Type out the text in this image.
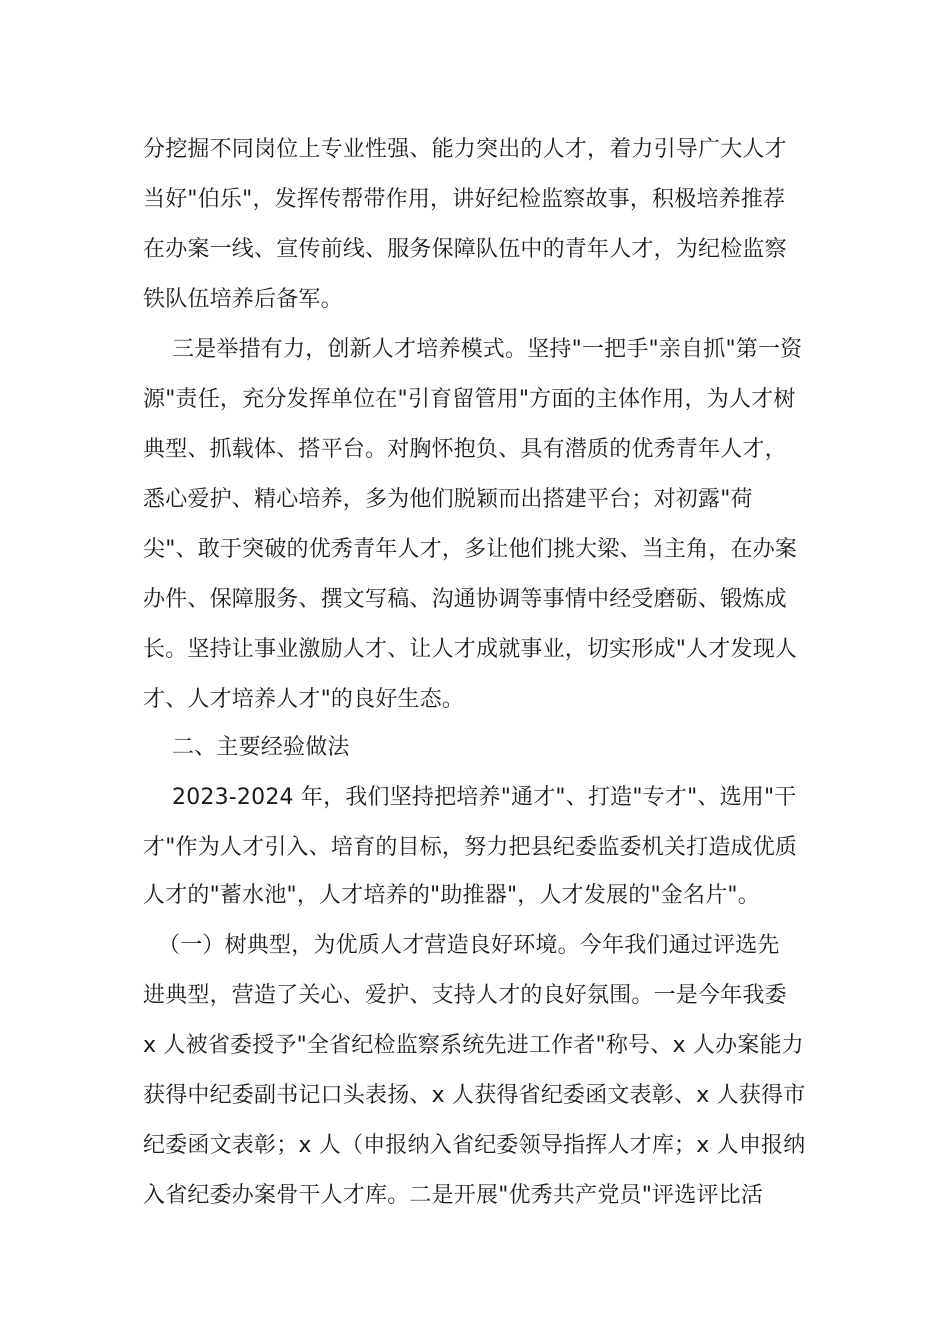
分挖掘不同岗位上专业性强、能力突出的人才，着力引导广大人才
当好"伯乐"，发挥传帮带作用，讲好纪检监察故事，积极培养推荐
在办案一线、宣传前线、服务保障队伍中的青年人才，为纪检监察
铁队伍培养后备军。
三是举措有力，创新人才培养模式。坚持"一把手"亲自抓"第一资
源"责任，充分发挥单位在"引育留管用"方面的主体作用，为人才树
典型、抓载体、搭平台。对胸怀抱负、具有潜质的优秀青年人才，
悉心爱护、精心培养，多为他们脱颖而出搭建平台；对初露"荷
尖"、敢于突破的优秀青年人才，多让他们挑大梁、当主角，在办案
办件、保障服务、撰文写稿、沟通协调等事情中经受磨砺、锻炼成
长。坚持让事业激励人才、让人才成就事业，切实形成"人才发现人
才、人才培养人才"的良好生态。
二、主要经验做法
2023-2024 年，我们坚持把培养"通才"、打造"专才"、选用"干
才"作为人才引入、培育的目标，努力把县纪委监委机关打造成优质
人才的"蓄水池"，人才培养的"助推器"，人才发展的"金名片"。
（一）树典型，为优质人才营造良好环境。今年我们通过评选先
进典型，营造了关心、爱护、支持人才的良好氛围。一是今年我委
x 人被省委授予"全省纪检监察系统先进工作者"称号、x 人办案能力
获得中纪委副书记口头表扬、x 人获得省纪委函文表彰、x 人获得市
纪委函文表彰；x 人（申报纳入省纪委领导指挥人才库；x 人申报纳
入省纪委办案骨干人才库。二是开展"优秀共产党员"评选评比活
